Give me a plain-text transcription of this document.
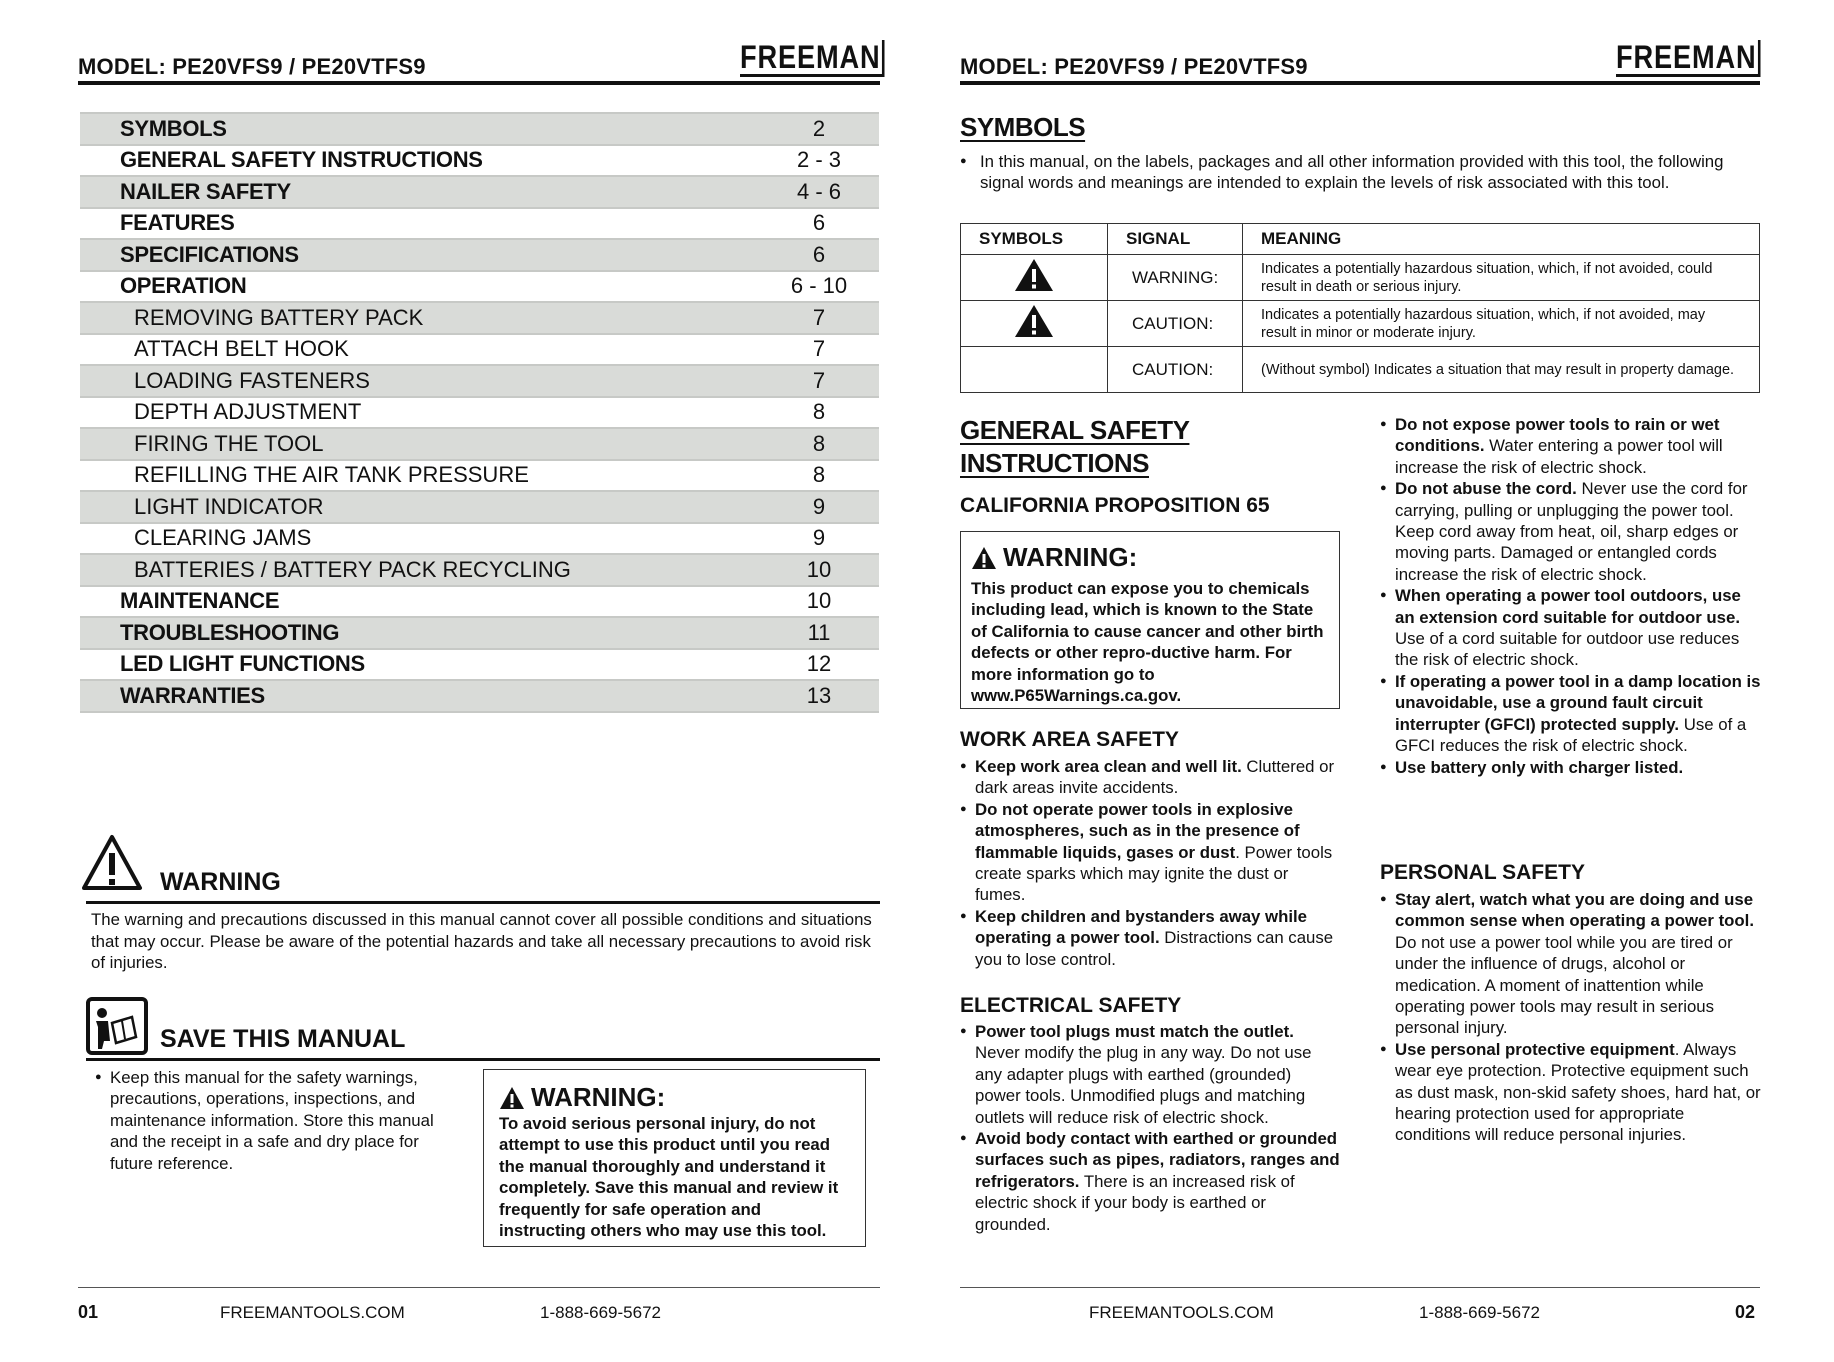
MODEL: PE20VFS9 / PE20VTFS9	FREEMAN
SYMBOLS	2
GENERAL SAFETY INSTRUCTIONS	2 - 3
NAILER SAFETY	4 - 6
FEATURES	6
SPECIFICATIONS	6
OPERATION	6 - 10
REMOVING BATTERY PACK	7
ATTACH BELT HOOK	7
LOADING FASTENERS	7
DEPTH ADJUSTMENT	8
FIRING THE TOOL	8
REFILLING THE AIR TANK PRESSURE	8
LIGHT INDICATOR	9
CLEARING JAMS	9
BATTERIES / BATTERY PACK RECYCLING	10
MAINTENANCE	10
TROUBLESHOOTING	11
LED LIGHT FUNCTIONS	12
WARRANTIES	13
WARNING
The warning and precautions discussed in this manual cannot cover all possible conditions and situations that may occur. Please be aware of the potential hazards and take all necessary precautions to avoid risk of injuries.
SAVE THIS MANUAL
● Keep this manual for the safety warnings, precautions, operations, inspections, and maintenance information. Store this manual and the receipt in a safe and dry place for future reference.
WARNING:
To avoid serious personal injury, do not attempt to use this product until you read the manual thoroughly and understand it completely. Save this manual and review it frequently for safe operation and instructing others who may use this tool.
01	FREEMANTOOLS.COM	1-888-669-5672
MODEL: PE20VFS9 / PE20VTFS9	FREEMAN
SYMBOLS
● In this manual, on the labels, packages and all other information provided with this tool, the following signal words and meanings are intended to explain the levels of risk associated with this tool.
SYMBOLS	SIGNAL	MEANING
	WARNING:	Indicates a potentially hazardous situation, which, if not avoided, could result in death or serious injury.
	CAUTION:	Indicates a potentially hazardous situation, which, if not avoided, may result in minor or moderate injury.
	CAUTION:	(Without symbol) Indicates a situation that may result in property damage.
GENERAL SAFETY
INSTRUCTIONS
CALIFORNIA PROPOSITION 65
WARNING:
This product can expose you to chemicals including lead, which is known to the State of California to cause cancer and other birth defects or other repro-ductive harm. For more information go to www.P65Warnings.ca.gov.
WORK AREA SAFETY
● Keep work area clean and well lit. Cluttered or dark areas invite accidents.
● Do not operate power tools in explosive atmospheres, such as in the presence of flammable liquids, gases or dust. Power tools create sparks which may ignite the dust or fumes.
● Keep children and bystanders away while operating a power tool. Distractions can cause you to lose control.
ELECTRICAL SAFETY
● Power tool plugs must match the outlet. Never modify the plug in any way. Do not use any adapter plugs with earthed (grounded) power tools. Unmodified plugs and matching outlets will reduce risk of electric shock.
● Avoid body contact with earthed or grounded surfaces such as pipes, radiators, ranges and refrigerators. There is an increased risk of electric shock if your body is earthed or grounded.
● Do not expose power tools to rain or wet conditions. Water entering a power tool will increase the risk of electric shock.
● Do not abuse the cord. Never use the cord for carrying, pulling or unplugging the power tool. Keep cord away from heat, oil, sharp edges or moving parts. Damaged or entangled cords increase the risk of electric shock.
● When operating a power tool outdoors, use an extension cord suitable for outdoor use. Use of a cord suitable for outdoor use reduces the risk of electric shock.
● If operating a power tool in a damp location is unavoidable, use a ground fault circuit interrupter (GFCI) protected supply. Use of a GFCI reduces the risk of electric shock.
● Use battery only with charger listed.
PERSONAL SAFETY
● Stay alert, watch what you are doing and use common sense when operating a power tool. Do not use a power tool while you are tired or under the influence of drugs, alcohol or medication. A moment of inattention while operating power tools may result in serious personal injury.
● Use personal protective equipment. Always wear eye protection. Protective equipment such as dust mask, non-skid safety shoes, hard hat, or hearing protection used for appropriate conditions will reduce personal injuries.
FREEMANTOOLS.COM	1-888-669-5672	02
